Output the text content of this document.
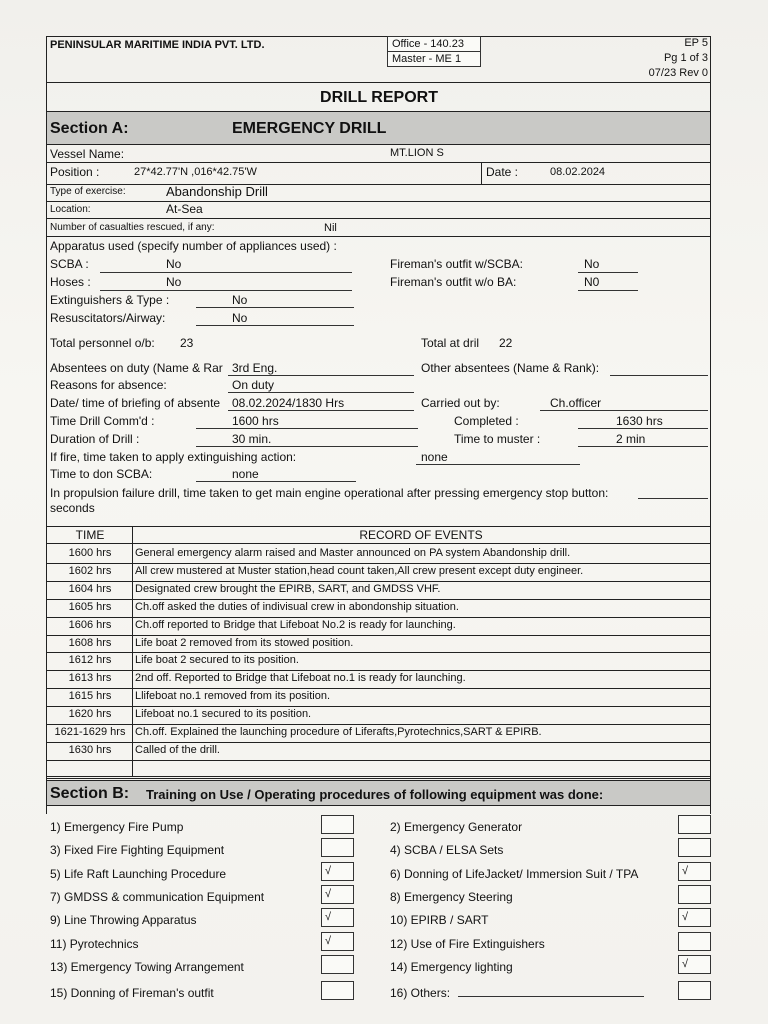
PENINSULAR MARITIME INDIA PVT. LTD.	Office - 140.23
Master - ME 1
EP 5
Pg 1 of 3
07/23 Rev 0
DRILL REPORT
Section A:	EMERGENCY DRILL
Vessel Name:	MT.LION S
Position :	27*42.77'N ,016*42.75'W	Date :	08.02.2024
Type of exercise:	Abandonship Drill
Location:	At-Sea
Number of casualties rescued, if any:	Nil
Apparatus used (specify number of appliances used) :
SCBA :	No	Fireman's outfit w/SCBA:	No
Hoses :	No	Fireman's outfit w/o BA:	N0
Extinguishers & Type :	No
Resuscitators/Airway:	No
Total personnel o/b: 23	Total at dril 22
Absentees on duty (Name & Rar 3rd Eng.	Other absentees (Name & Rank):
Reasons for absence:	On duty
Date/ time of briefing of absente 08.02.2024/1830 Hrs	Carried out by:	Ch.officer
Time Drill Comm'd :	1600 hrs	Completed :	1630 hrs
Duration of Drill :	30 min.	Time to muster :	2 min
If fire, time taken to apply extinguishing action:	none
Time to don SCBA:	none
In propulsion failure drill, time taken to get main engine operational after pressing emergency stop button:
seconds
TIME	RECORD OF EVENTS
1600 hrs	General emergency alarm raised and Master announced on PA system Abandonship drill.
1602 hrs	All crew mustered at Muster station,head count taken,All crew present except duty engineer.
1604 hrs	Designated crew brought the EPIRB, SART, and GMDSS VHF.
1605 hrs	Ch.off asked the duties of indivisual crew in abondonship situation.
1606 hrs	Ch.off reported to Bridge that Lifeboat No.2 is ready for launching.
1608 hrs	Life boat 2 removed from its stowed position.
1612 hrs	Life boat 2 secured to its position.
1613 hrs	2nd off. Reported to Bridge that Lifeboat no.1 is ready for launching.
1615 hrs	Llifeboat no.1 removed from its position.
1620 hrs	Lifeboat no.1 secured to its position.
1621-1629 hrs Ch.off. Explained the launching procedure of Liferafts,Pyrotechnics,SART & EPIRB.
1630 hrs	Called of the drill.
Section B: Training on Use / Operating procedures of following equipment was done:
1) Emergency Fire Pump	2) Emergency Generator
3) Fixed Fire Fighting Equipment	4) SCBA / ELSA Sets
5) Life Raft Launching Procedure	√	6) Donning of LifeJacket/ Immersion Suit / TPA	√
7) GMDSS & communication Equipment	√	8) Emergency Steering
9) Line Throwing Apparatus	√	10) EPIRB / SART	√
11) Pyrotechnics	√	12) Use of Fire Extinguishers
13) Emergency Towing Arrangement	14) Emergency lighting	√
15) Donning of Fireman's outfit	16) Others:
